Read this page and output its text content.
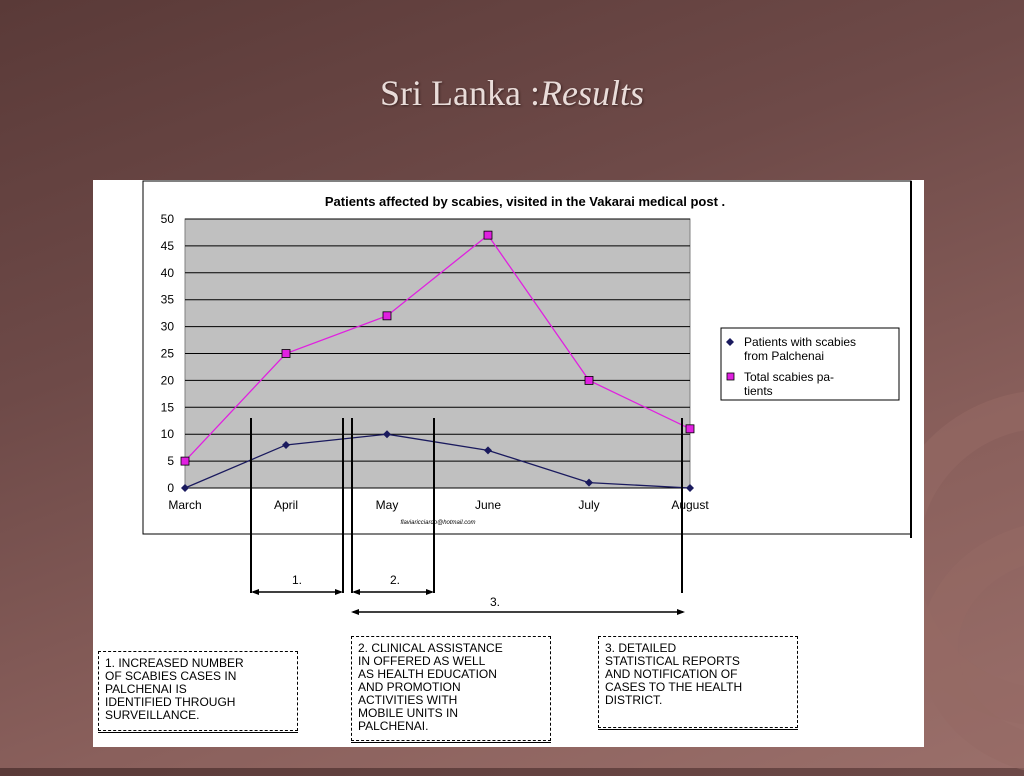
Sri Lanka :Results
Patients affected by scabies, visited in the Vakarai medical post .
0
5
10
15
20
25
30
35
40
45
50
March	April	May	June	July	August
flaviaricciardo@hotmail.com
Patients with scabies
from Palchenai
Total scabies pa-
tients
1.	2.
3.
1. INCREASED NUMBER
OF SCABIES CASES IN
PALCHENAI IS
IDENTIFIED THROUGH
SURVEILLANCE.
2. CLINICAL ASSISTANCE
IN OFFERED AS WELL
AS HEALTH EDUCATION
AND PROMOTION
ACTIVITIES WITH
MOBILE UNITS IN
PALCHENAI.
3. DETAILED
STATISTICAL REPORTS
AND NOTIFICATION OF
CASES TO THE HEALTH
DISTRICT.
